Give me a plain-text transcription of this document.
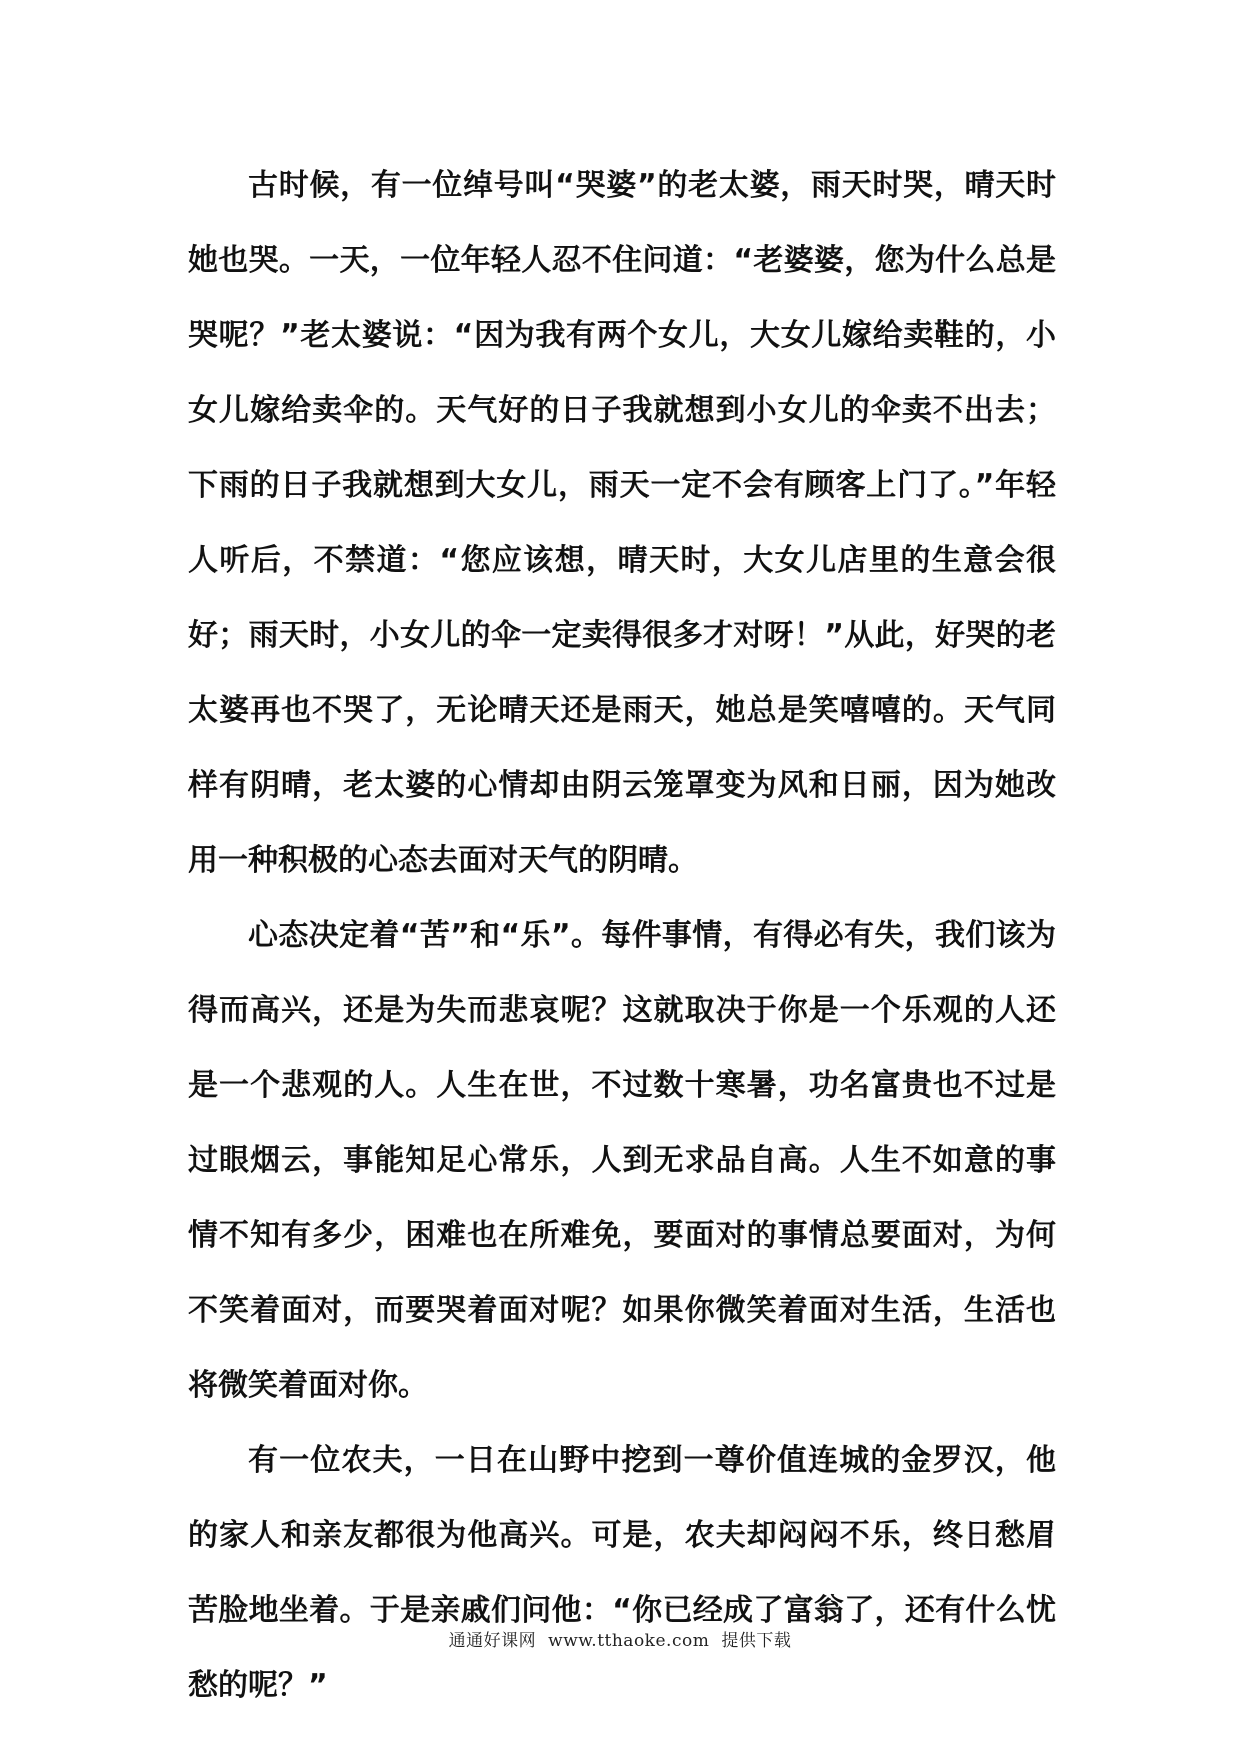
古时候，有一位绰号叫“哭婆”的老太婆，雨天时哭，晴天时她也哭。一天，一位年轻人忍不住问道：“老婆婆，您为什么总是哭呢？”老太婆说：“因为我有两个女儿，大女儿嫁给卖鞋的，小女儿嫁给卖伞的。天气好的日子我就想到小女儿的伞卖不出去；下雨的日子我就想到大女儿，雨天一定不会有顾客上门了。”年轻人听后，不禁道：“您应该想，晴天时，大女儿店里的生意会很好；雨天时，小女儿的伞一定卖得很多才对呀！”从此，好哭的老太婆再也不哭了，无论晴天还是雨天，她总是笑嘻嘻的。天气同样有阴晴，老太婆的心情却由阴云笼罩变为风和日丽，因为她改用一种积极的心态去面对天气的阴晴。

心态决定着“苦”和“乐”。每件事情，有得必有失，我们该为得而高兴，还是为失而悲哀呢？这就取决于你是一个乐观的人还是一个悲观的人。人生在世，不过数十寒暑，功名富贵也不过是过眼烟云，事能知足心常乐，人到无求品自高。人生不如意的事情不知有多少，困难也在所难免，要面对的事情总要面对，为何不笑着面对，而要哭着面对呢？如果你微笑着面对生活，生活也将微笑着面对你。

有一位农夫，一日在山野中挖到一尊价值连城的金罗汉，他的家人和亲友都很为他高兴。可是，农夫却闷闷不乐，终日愁眉苦脸地坐着。于是亲戚们问他：“你已经成了富翁了，还有什么忧愁的呢？”

通通好课网 www.tthaoke.com 提供下载
